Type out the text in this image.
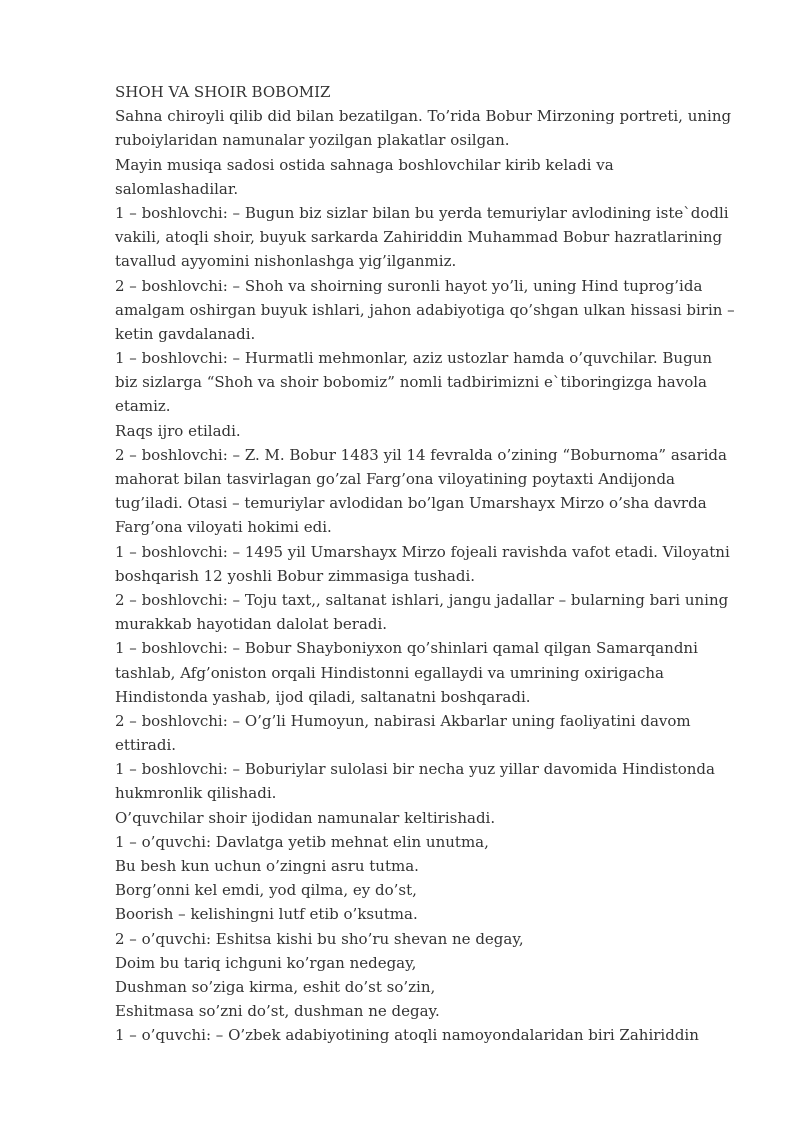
SHOH VA SHOIR BOBOMIZ
Sahna chiroyli qilib did bilan bezatilgan. To’rida Bobur Mirzoning portreti, uning
ruboiylaridan namunalar yozilgan plakatlar osilgan.
Mayin musiqa sadosi ostida sahnaga boshlovchilar kirib keladi va
salomlashadilar.
1 – boshlovchi: – Bugun biz sizlar bilan bu yerda temuriylar avlodining iste`dodli
vakili, atoqli shoir, buyuk sarkarda Zahiriddin Muhammad Bobur hazratlarining
tavallud ayyomini nishonlashga yig’ilganmiz.
2 – boshlovchi: – Shoh va shoirning suronli hayot yo’li, uning Hind tuprog’ida
amalgam oshirgan buyuk ishlari, jahon adabiyotiga qo’shgan ulkan hissasi birin –
ketin gavdalanadi.
1 – boshlovchi: – Hurmatli mehmonlar, aziz ustozlar hamda o’quvchilar. Bugun
biz sizlarga “Shoh va shoir bobomiz” nomli tadbirimizni e`tiboringizga havola
etamiz.
Raqs ijro etiladi.
2 – boshlovchi: – Z. M. Bobur 1483 yil 14 fevralda o’zining “Boburnoma” asarida
mahorat bilan tasvirlagan go’zal Farg’ona viloyatining poytaxti Andijonda
tug’iladi. Otasi – temuriylar avlodidan bo’lgan Umarshayx Mirzo o’sha davrda
Farg’ona viloyati hokimi edi.
1 – boshlovchi: – 1495 yil Umarshayx Mirzo fojeali ravishda vafot etadi. Viloyatni
boshqarish 12 yoshli Bobur zimmasiga tushadi.
2 – boshlovchi: – Toju taxt,, saltanat ishlari, jangu jadallar – bularning bari uning
murakkab hayotidan dalolat beradi.
1 – boshlovchi: – Bobur Shayboniyxon qo’shinlari qamal qilgan Samarqandni
tashlab, Afg’oniston orqali Hindistonni egallaydi va umrining oxirigacha
Hindistonda yashab, ijod qiladi, saltanatni boshqaradi.
2 – boshlovchi: – O’g’li Humoyun, nabirasi Akbarlar uning faoliyatini davom
ettiradi.
1 – boshlovchi: – Boburiylar sulolasi bir necha yuz yillar davomida Hindistonda
hukmronlik qilishadi.
O’quvchilar shoir ijodidan namunalar keltirishadi.
1 – o’quvchi: Davlatga yetib mehnat elin unutma,
Bu besh kun uchun o’zingni asru tutma.
Borg’onni kel emdi, yod qilma, ey do’st,
Boorish – kelishingni lutf etib o’ksutma.
2 – o’quvchi: Eshitsa kishi bu sho’ru shevan ne degay,
Doim bu tariq ichguni ko’rgan nedegay,
Dushman so’ziga kirma, eshit do’st so’zin,
Eshitmasa so’zni do’st, dushman ne degay.
1 – o’quvchi: – O’zbek adabiyotining atoqli namoyondalaridan biri Zahiriddin
